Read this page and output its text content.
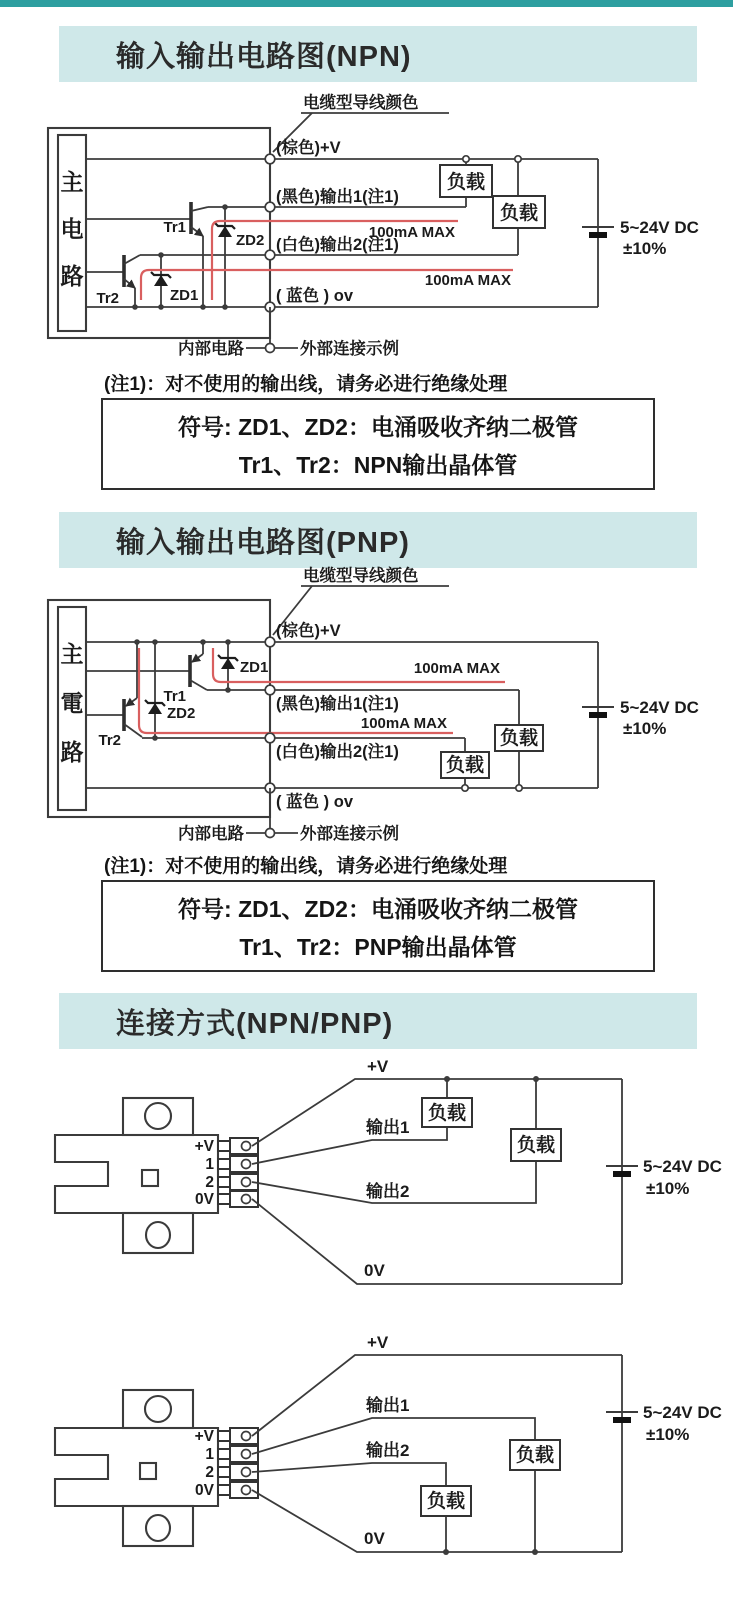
输入输出电路图(NPN)
电缆型导线颜色
主
电
路
Tr1
Tr2	ZD1
ZD2	100mA MAX
100mA MAX
负载
负载
(棕色)+V
(黑色)输出1(注1)
(白色)输出2(注1)
( 蓝色 ) ov
5~24V DC
±10%
内部电路	外部连接示例
(注1)：对不使用的输出线，请务必进行绝缘处理
符号: ZD1、ZD2：电涌吸收齐纳二极管
Tr1、Tr2：NPN输出晶体管
输入输出电路图(PNP)
电缆型导线颜色
主
電
路
Tr1
Tr2
ZD1
ZD2
100mA MAX
100mA MAX
负载
负载
(棕色)+V
(黑色)输出1(注1)
(白色)输出2(注1)
( 蓝色 ) ov
5~24V DC
±10%
内部电路	外部连接示例
(注1)：对不使用的输出线，请务必进行绝缘处理
符号: ZD1、ZD2：电涌吸收齐纳二极管
Tr1、Tr2：PNP输出晶体管
连接方式(NPN/PNP)
+V
1
2
0V
负载
负载
5~24V DC
±10%
+V
输出1
输出2
0V
+V
1
2
0V
负载
负载
5~24V DC
±10%
+V
输出1
输出2
0V
